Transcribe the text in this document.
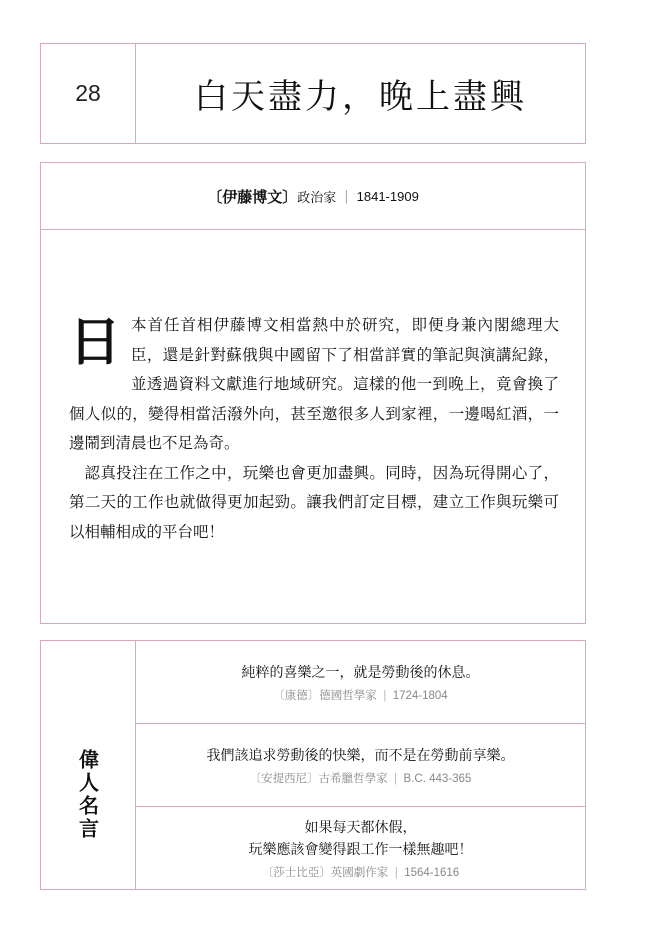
28	白天盡力，晚上盡興
〔伊藤博文〕 政治家 | 1841-1909

日本首任首相伊藤博文相當熱中於研究，即便身兼內閣總理大臣，還是針對蘇俄與中國留下了相當詳實的筆記與演講紀錄，並透過資料文獻進行地域研究。這樣的他一到晚上，竟會換了個人似的，變得相當活潑外向，甚至邀很多人到家裡，一邊喝紅酒，一邊鬧到清晨也不足為奇。

認真投注在工作之中，玩樂也會更加盡興。同時，因為玩得開心了，第二天的工作也就做得更加起勁。讓我們訂定目標，建立工作與玩樂可以相輔相成的平台吧！

偉人名言
純粹的喜樂之一，就是勞動後的休息。
〔康德〕德國哲學家 | 1724-1804
我們該追求勞動後的快樂，而不是在勞動前享樂。
〔安提西尼〕古希臘哲學家 | B.C. 443-365
如果每天都休假，
玩樂應該會變得跟工作一樣無趣吧！
〔莎士比亞〕英國劇作家 | 1564-1616
